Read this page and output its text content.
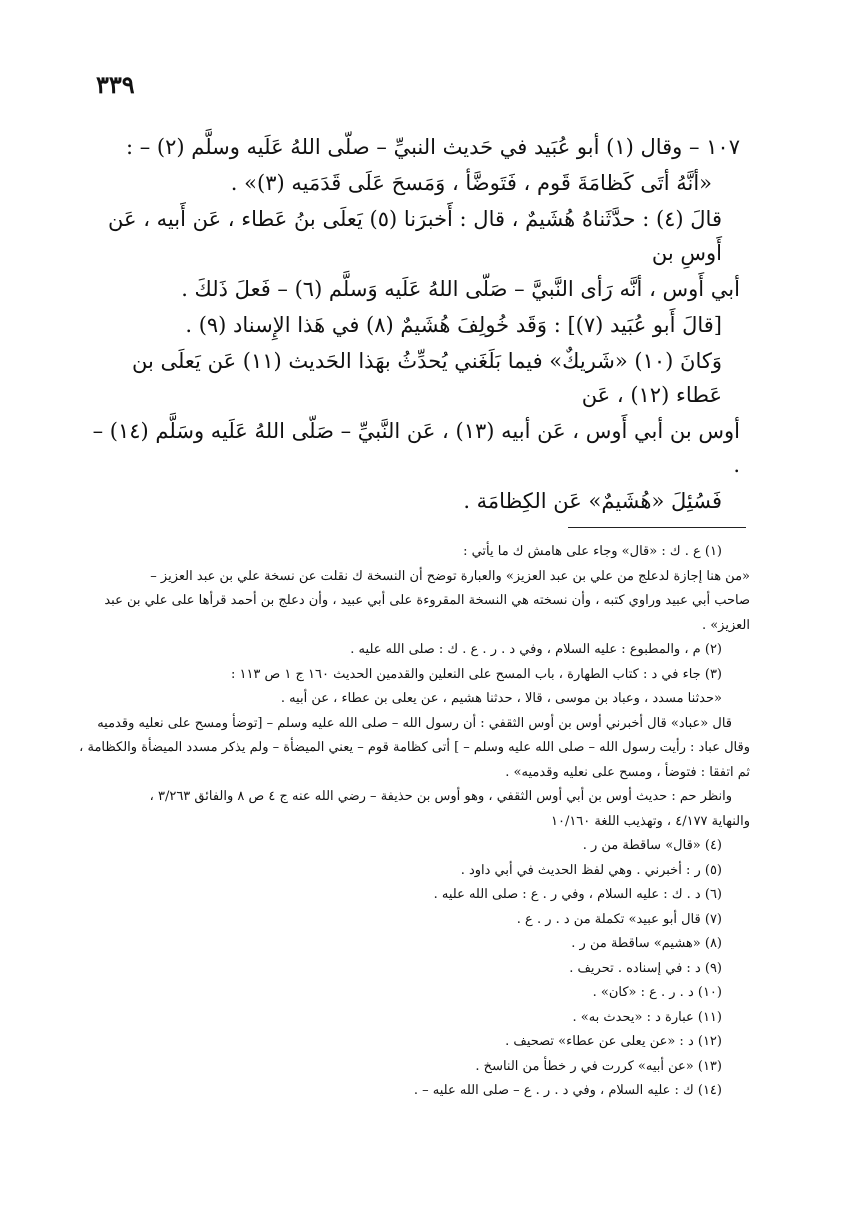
٣٣٩

١٠٧ – وقال (١) أبو عُبَيد في حَديث النبيِّ – صلّى اللهُ عَلَيه وسلَّم (٢) – :

«أنَّهُ أتَى كَظامَةَ قَوم ، فَتَوضَّأ ، وَمَسحَ عَلَى قَدَمَيه (٣)» .

قالَ (٤) : حدَّثَناهُ هُشَيمٌ ، قال : أَخبرَنا (٥) يَعلَى بنُ عَطاء ، عَن أَبيه ، عَن أَوسِ بن

أبي أَوس ، أنَّه رَأى النَّبيَّ – صَلّى اللهُ عَلَيه وَسلَّم (٦) – فَعلَ ذَلكَ .

[قالَ أَبو عُبَيد (٧)] : وَقَد خُولِفَ هُشَيمٌ (٨) في هَذا الإِسناد (٩) .

وَكانَ (١٠) «شَريكٌ» فيما بَلَغَني يُحدِّثُ بهَذا الحَديث (١١) عَن يَعلَى بن عَطاء (١٢) ، عَن

أوس بن أبي أَوس ، عَن أبيه (١٣) ، عَن النَّبيِّ – صَلّى اللهُ عَلَيه وسَلَّم (١٤) – .

فَسُئِلَ «هُشَيمٌ» عَن الكِظامَة .

(١) ع . ك : «قال» وجاء على هامش ك ما يأتي :

«من هنا إجازة لدعلج من علي بن عبد العزيز» والعبارة توضح أن النسخة ك نقلت عن نسخة علي بن عبد العزيز –

صاحب أبي عبيد وراوي كتبه ، وأن نسخته هي النسخة المقروءة على أبي عبيد ، وأن دعلج بن أحمد قرأها على علي بن عبد

العزيز» .

(٢) م ، والمطبوع : عليه السلام ، وفي د . ر . ع . ك : صلى الله عليه .

(٣) جاء في د : كتاب الطهارة ، باب المسح على النعلين والقدمين الحديث ١٦٠ ج ١ ص ١١٣ :

«حدثنا مسدد ، وعباد بن موسى ، قالا ، حدثنا هشيم ، عن يعلى بن عطاء ، عن أبيه .

قال «عباد» قال أخبرني أوس بن أوس الثقفي : أن رسول الله – صلى الله عليه وسلم – [توضأ ومسح على نعليه وقدميه

وقال عباد : رأيت رسول الله – صلى الله عليه وسلم – ] أتى كظامة قوم – يعني الميضأة – ولم يذكر مسدد الميضأة والكظامة ،

ثم اتفقا : فتوضأ ، ومسح على نعليه وقدميه» .

وانظر حم : حديث أوس بن أبي أوس الثقفي ، وهو أوس بن حذيفة – رضي الله عنه ج ٤ ص ٨ والفائق ٣/٢٦٣ ،

والنهاية ٤/١٧٧ ، وتهذيب اللغة ١٠/١٦٠

(٤) «قال» ساقطة من ر .

(٥) ر : أخبرني . وهي لفظ الحديث في أبي داود .

(٦) د . ك : عليه السلام ، وفي ر . ع : صلى الله عليه .

(٧) قال أبو عبيد» تكملة من د . ر . ع .

(٨) «هشيم» ساقطة من ر .

(٩) د : في إسناده . تحريف .

(١٠) د . ر . ع : «كان» .

(١١) عبارة د : «يحدث به» .

(١٢) د : «عن يعلى عن عطاء» تصحيف .

(١٣) «عن أبيه» كررت في ر خطأ من الناسخ .

(١٤) ك : عليه السلام ، وفي د . ر . ع – صلى الله عليه – .
